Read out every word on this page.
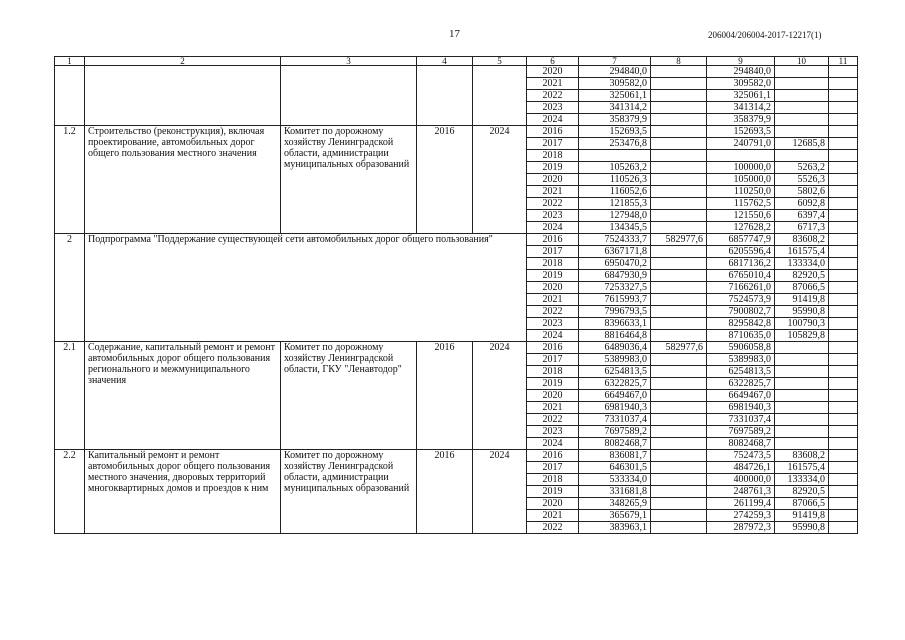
17	206004/206004-2017-12217(1)
1	2	3	4	5	6	7	8	9	10	11
					2020	294840,0		294840,0		
					2021	309582,0		309582,0		
					2022	325061,1		325061,1		
					2023	341314,2		341314,2		
					2024	358379,9		358379,9		
1.2	Строительство (реконструкция), включая проектирование, автомобильных дорог общего пользования местного значения	Комитет по дорожному хозяйству Ленинградской области, администрации муниципальных образований	2016	2024	2016	152693,5		152693,5		
					2017	253476,8		240791,0	12685,8	
					2018					
					2019	105263,2		100000,0	5263,2	
					2020	110526,3		105000,0	5526,3	
					2021	116052,6		110250,0	5802,6	
					2022	121855,3		115762,5	6092,8	
					2023	127948,0		121550,6	6397,4	
					2024	134345,5		127628,2	6717,3	
2	Подпрограмма "Поддержание существующей сети автомобильных дорог общего пользования"				2016	7524333,7	582977,6	6857747,9	83608,2	
					2017	6367171,8		6205596,4	161575,4	
					2018	6950470,2		6817136,2	133334,0	
					2019	6847930,9		6765010,4	82920,5	
					2020	7253327,5		7166261,0	87066,5	
					2021	7615993,7		7524573,9	91419,8	
					2022	7996793,5		7900802,7	95990,8	
					2023	8396633,1		8295842,8	100790,3	
					2024	8816464,8		8710635,0	105829,8	
2.1	Содержание, капитальный ремонт и ремонт автомобильных дорог общего пользования регионального и межмуниципального значения	Комитет по дорожному хозяйству Ленинградской области, ГКУ "Ленавтодор"	2016	2024	2016	6489036,4	582977,6	5906058,8		
					2017	5389983,0		5389983,0		
					2018	6254813,5		6254813,5		
					2019	6322825,7		6322825,7		
					2020	6649467,0		6649467,0		
					2021	6981940,3		6981940,3		
					2022	7331037,4		7331037,4		
					2023	7697589,2		7697589,2		
					2024	8082468,7		8082468,7		
2.2	Капитальный ремонт и ремонт автомобильных дорог общего пользования местного значения, дворовых территорий многоквартирных домов и проездов к ним	Комитет по дорожному хозяйству Ленинградской области, администрации муниципальных образований	2016	2024	2016	836081,7		752473,5	83608,2	
					2017	646301,5		484726,1	161575,4	
					2018	533334,0		400000,0	133334,0	
					2019	331681,8		248761,3	82920,5	
					2020	348265,9		261199,4	87066,5	
					2021	365679,1		274259,3	91419,8	
					2022	383963,1		287972,3	95990,8	
